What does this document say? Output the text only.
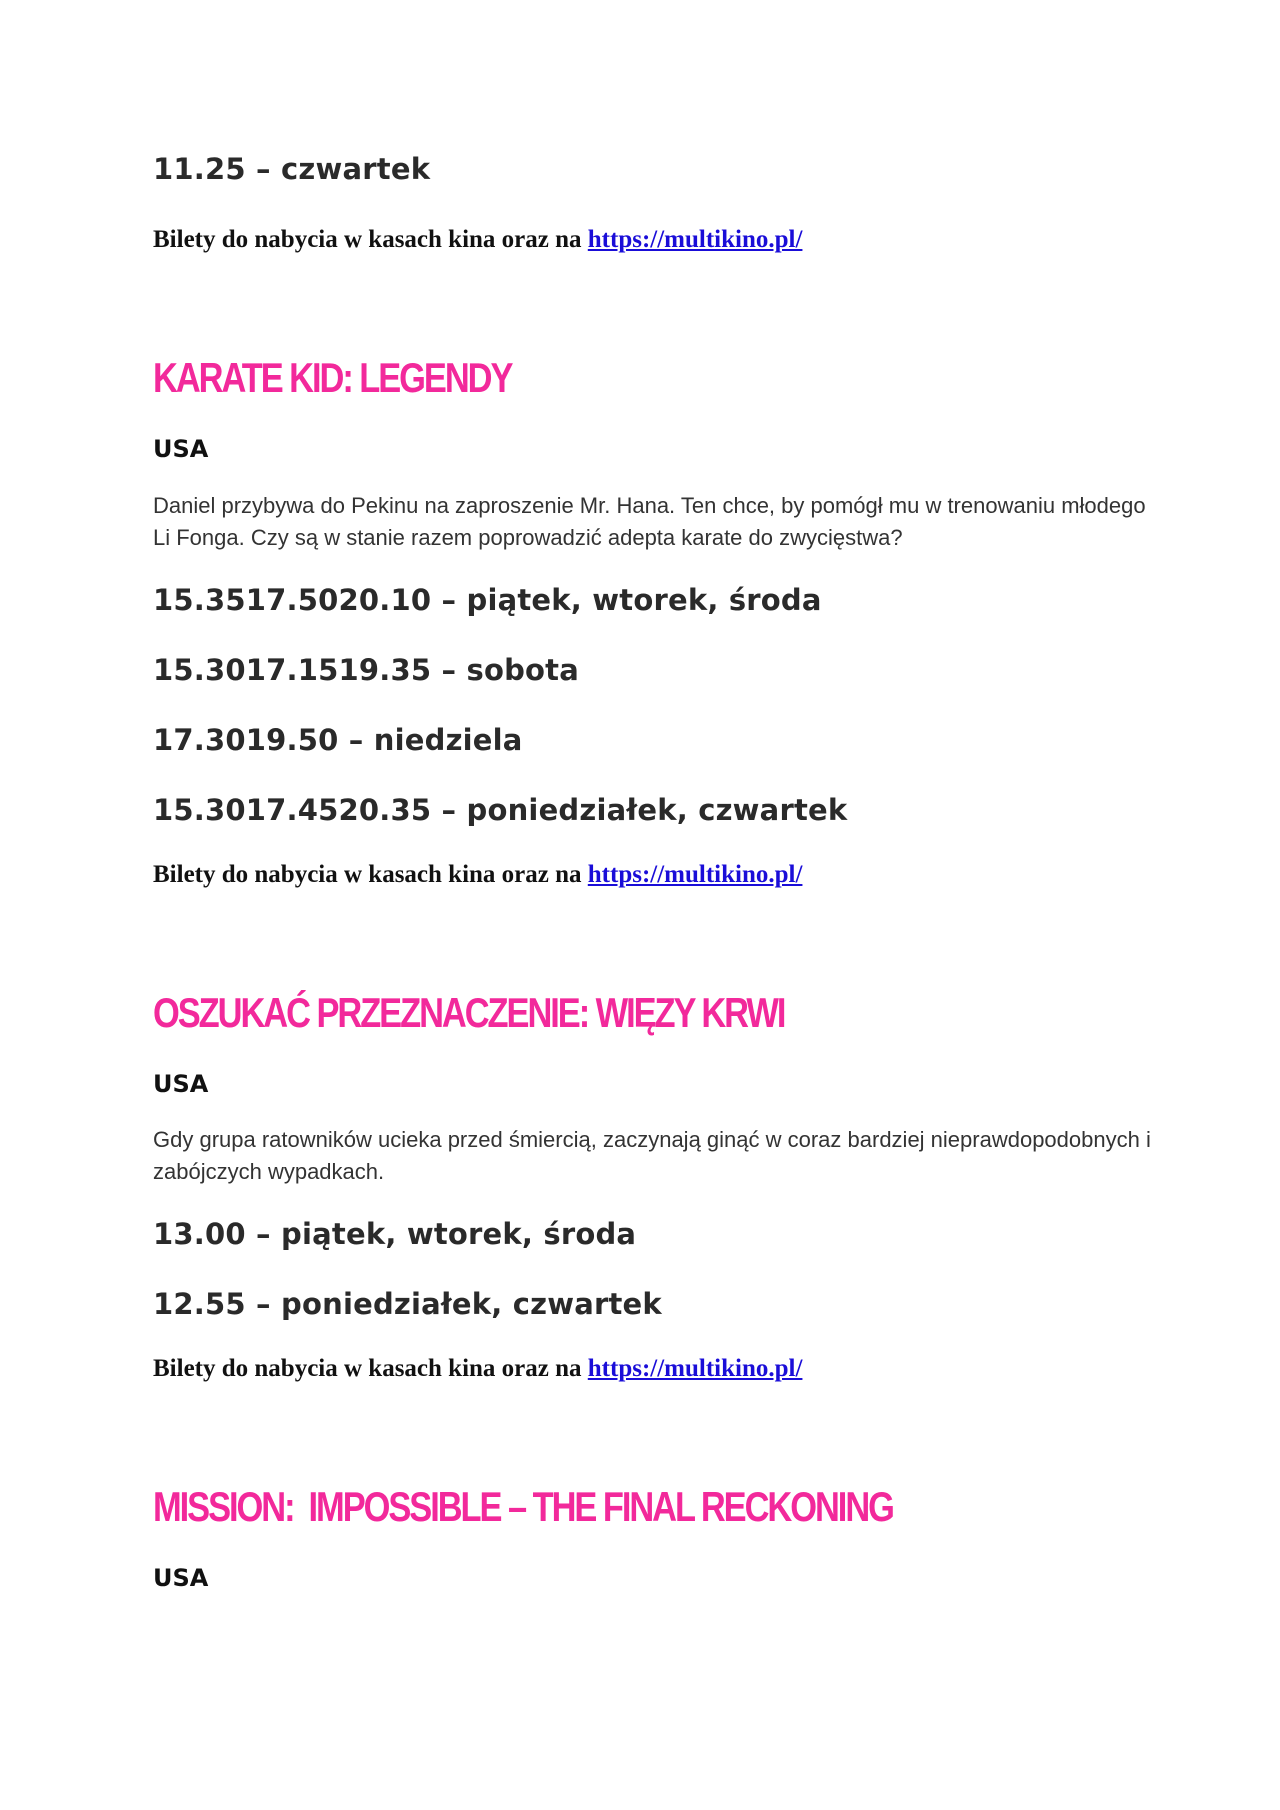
11.25 – czwartek
Bilety do nabycia w kasach kina oraz na https://multikino.pl/
KARATE KID: LEGENDY
USA
Daniel przybywa do Pekinu na zaproszenie Mr. Hana. Ten chce, by pomógł mu w trenowaniu młodego Li Fonga. Czy są w stanie razem poprowadzić adepta karate do zwycięstwa?
15.3517.5020.10 – piątek, wtorek, środa
15.3017.1519.35 – sobota
17.3019.50 – niedziela
15.3017.4520.35 – poniedziałek, czwartek
Bilety do nabycia w kasach kina oraz na https://multikino.pl/
OSZUKAĆ PRZEZNACZENIE: WIĘZY KRWI
USA
Gdy grupa ratowników ucieka przed śmiercią, zaczynają ginąć w coraz bardziej nieprawdopodobnych i zabójczych wypadkach.
13.00 – piątek, wtorek, środa
12.55 – poniedziałek, czwartek
Bilety do nabycia w kasach kina oraz na https://multikino.pl/
MISSION:  IMPOSSIBLE – THE FINAL RECKONING
USA
